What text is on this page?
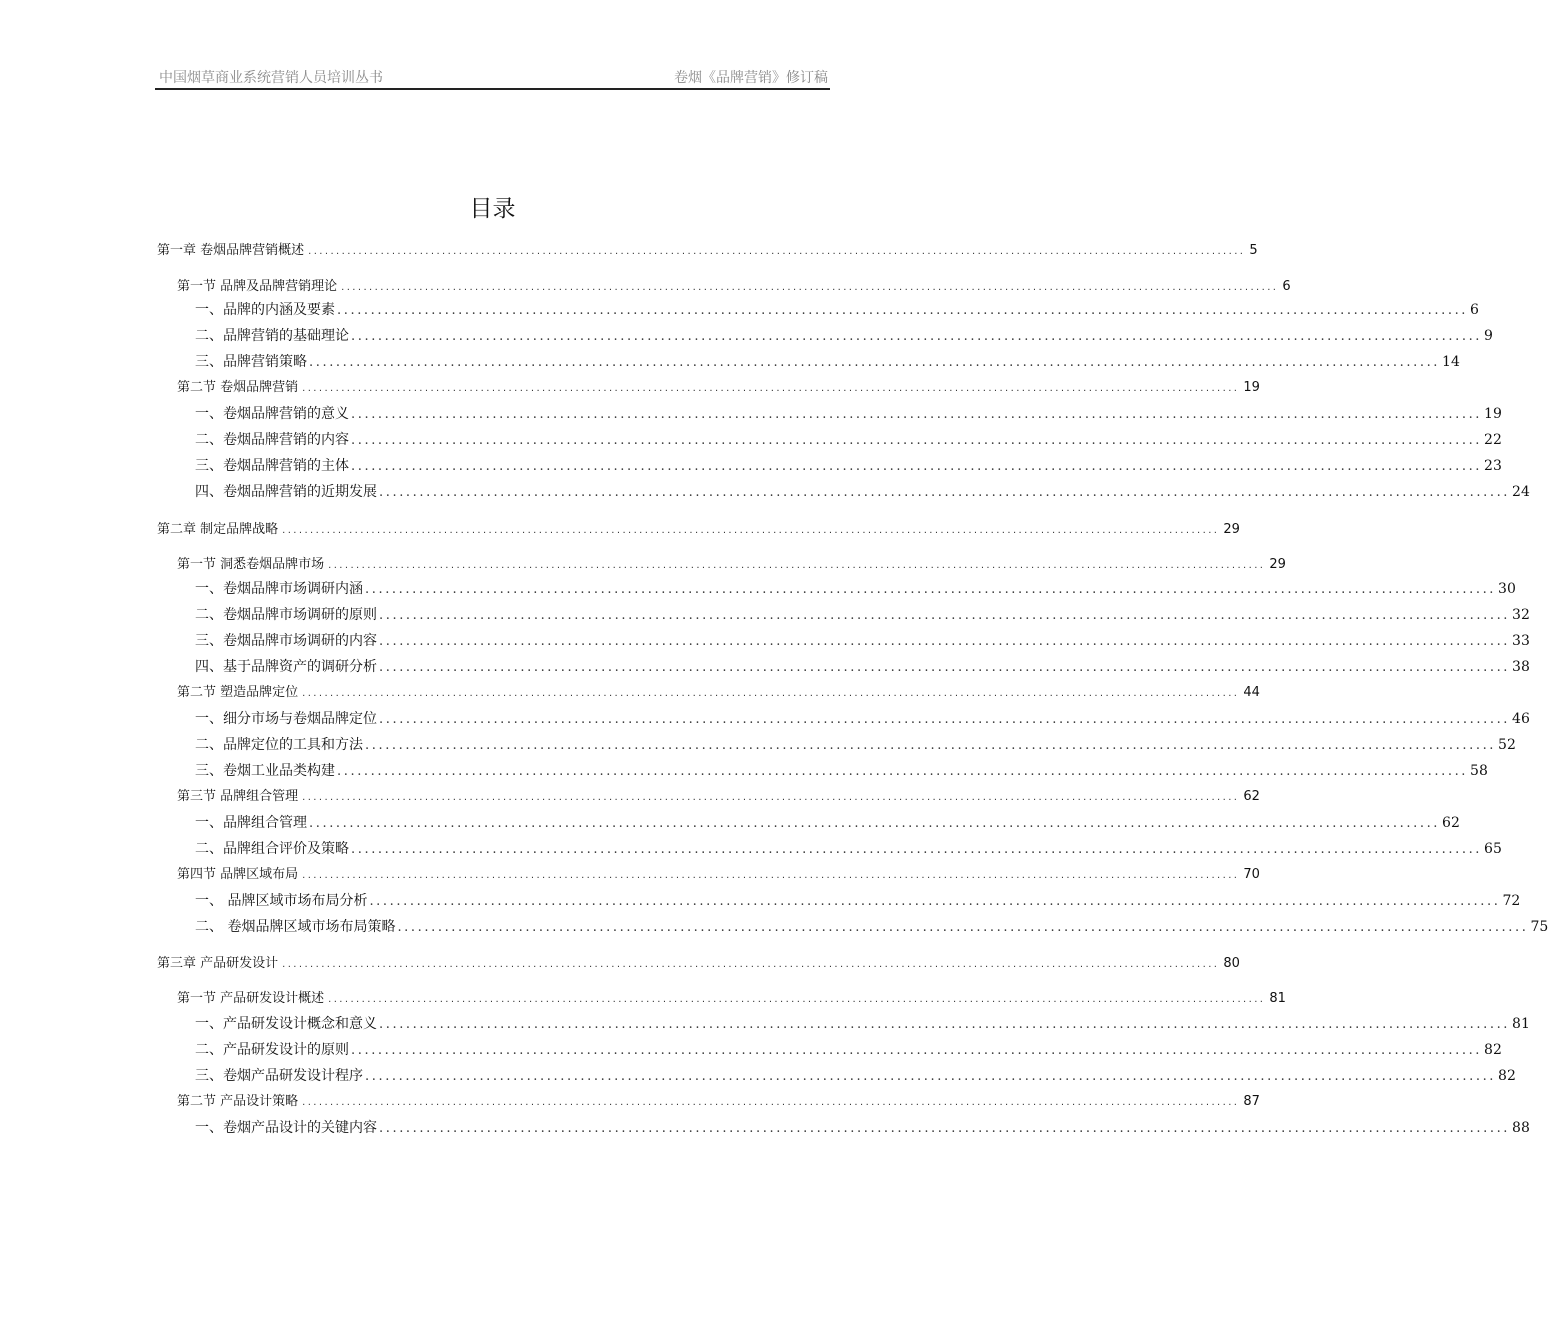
中国烟草商业系统营销人员培训丛书	卷烟《品牌营销》修订稿
目录
第一章 卷烟品牌营销概述 ........................................................................................................................................................................ 5
第一节 品牌及品牌营销理论 ........................................................................................................................................................................ 6
一、品牌的内涵及要素 ........................................................................................................................................................................ 6
二、品牌营销的基础理论 ........................................................................................................................................................................ 9
三、品牌营销策略 ........................................................................................................................................................................ 14
第二节 卷烟品牌营销 ........................................................................................................................................................................ 19
一、卷烟品牌营销的意义 ........................................................................................................................................................................ 19
二、卷烟品牌营销的内容 ........................................................................................................................................................................ 22
三、卷烟品牌营销的主体 ........................................................................................................................................................................ 23
四、卷烟品牌营销的近期发展 ........................................................................................................................................................................ 24
第二章 制定品牌战略 ........................................................................................................................................................................ 29
第一节 洞悉卷烟品牌市场 ........................................................................................................................................................................ 29
一、卷烟品牌市场调研内涵 ........................................................................................................................................................................ 30
二、卷烟品牌市场调研的原则 ........................................................................................................................................................................ 32
三、卷烟品牌市场调研的内容 ........................................................................................................................................................................ 33
四、基于品牌资产的调研分析 ........................................................................................................................................................................ 38
第二节 塑造品牌定位 ........................................................................................................................................................................ 44
一、细分市场与卷烟品牌定位 ........................................................................................................................................................................ 46
二、品牌定位的工具和方法 ........................................................................................................................................................................ 52
三、卷烟工业品类构建 ........................................................................................................................................................................ 58
第三节 品牌组合管理 ........................................................................................................................................................................ 62
一、品牌组合管理 ........................................................................................................................................................................ 62
二、品牌组合评价及策略 ........................................................................................................................................................................ 65
第四节 品牌区域布局 ........................................................................................................................................................................ 70
一、 品牌区域市场布局分析 ........................................................................................................................................................................ 72
二、 卷烟品牌区域市场布局策略 ........................................................................................................................................................................ 75
第三章 产品研发设计 ........................................................................................................................................................................ 80
第一节 产品研发设计概述 ........................................................................................................................................................................ 81
一、产品研发设计概念和意义 ........................................................................................................................................................................ 81
二、产品研发设计的原则 ........................................................................................................................................................................ 82
三、卷烟产品研发设计程序 ........................................................................................................................................................................ 82
第二节 产品设计策略 ........................................................................................................................................................................ 87
一、卷烟产品设计的关键内容 ........................................................................................................................................................................ 88
